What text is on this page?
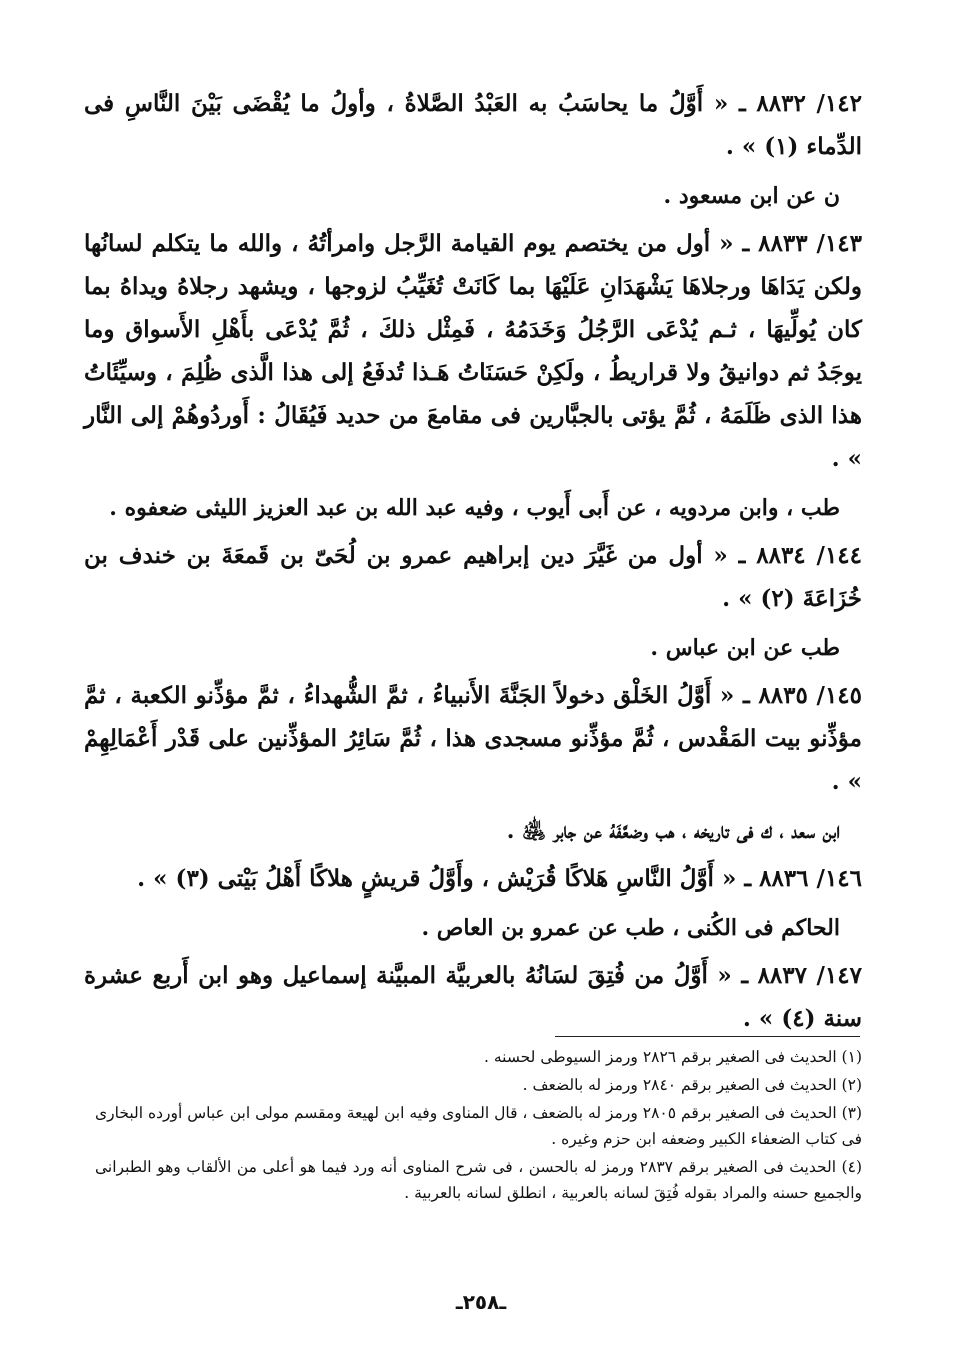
١٤٢/ ٨٨٣٢ ـ « أَوَّلُ ما يحاسَبُ به العَبْدُ الصَّلاةُ ، وأولُ ما يُقْضَى بَيْنَ النَّاسِ فى الدِّماء (١) » .

ن عن ابن مسعود .

١٤٣/ ٨٨٣٣ ـ « أول من يختصم يوم القيامة الرَّجل وامرأتُهُ ، والله ما يتكلم لسانُها ولكن يَدَاهَا ورجلاهَا يَشْهَدَانِ عَلَيْهَا بما كَانَتْ تُغَيِّبُ لزوجها ، ويشهد رجلاهُ ويداهُ بما كان يُولِّيهَا ، ثـم يُدْعَى الرَّجُلُ وَخَدَمُهُ ، فَمِثْل ذلكَ ، ثُمَّ يُدْعَى بأَهْلِ الأَسواق وما يوجَدُ ثم دوانيقُ ولا قراريطُ ، ولَكِنْ حَسَنَاتُ هَـذا تُدفَعُ إلى هذا الَّذى ظُلِمَ ، وسيِّئَاتُ هذا الذى ظَلَمَهُ ، ثُمَّ يؤتى بالجبَّارين فى مقامعَ من حديد فَيُقَالُ : أَوردُوهُمْ إلى النَّار » .

طب ، وابن مردويه ، عن أَبى أَيوب ، وفيه عبد الله بن عبد العزيز الليثى ضعفوه .

١٤٤/ ٨٨٣٤ ـ « أول من غَيَّرَ دين إبراهيم عمرو بن لُحَىّ بن قَمعَةَ بن خندف بن خُزَاعَةَ (٢) » .

طب عن ابن عباس .

١٤٥/ ٨٨٣٥ ـ « أَوَّلُ الخَلْق دخولاً الجَنَّةَ الأَنبياءُ ، ثمَّ الشُّهداءُ ، ثمَّ مؤذِّنو الكعبة ، ثمَّ مؤذِّنو بيت المَقْدس ، ثُمَّ مؤذِّنو مسجدى هذا ، ثُمَّ سَائِرُ المؤذِّنين على قَدْر أَعْمَالِهِمْ » .

ابن سعد ، ك فى تاريخه ، هب وضعَّفَهُ عن جابر ﵁ .

١٤٦/ ٨٨٣٦ ـ « أَوَّلُ النَّاسِ هَلاكًا قُرَيْش ، وأَوَّلُ قريشٍ هلاكًا أَهْلُ بَيْتى (٣) » .

الحاكم فى الكُنى ، طب عن عمرو بن العاص .

١٤٧/ ٨٨٣٧ ـ « أَوَّلُ من فُتِقَ لسَانُهُ بالعربيَّة المبيَّنة إسماعيل وهو ابن أَربع عشرة سنة (٤) » .

(١) الحديث فى الصغير برقم ٢٨٢٦ ورمز السيوطى لحسنه .

(٢) الحديث فى الصغير برقم ٢٨٤٠ ورمز له بالضعف .

(٣) الحديث فى الصغير برقم ٢٨٠٥ ورمز له بالضعف ، قال المناوى وفيه ابن لهيعة ومقسم مولى ابن عباس أورده البخارى فى كتاب الضعفاء الكبير وضعفه ابن حزم وغيره .

(٤) الحديث فى الصغير برقم ٢٨٣٧ ورمز له بالحسن ، فى شرح المناوى أنه ورد فيما هو أعلى من الألقاب وهو الطبرانى والجميع حسنه والمراد بقوله فُتِقَ لسانه بالعربية ، انطلق لسانه بالعربية .

ـ٢٥٨ـ
